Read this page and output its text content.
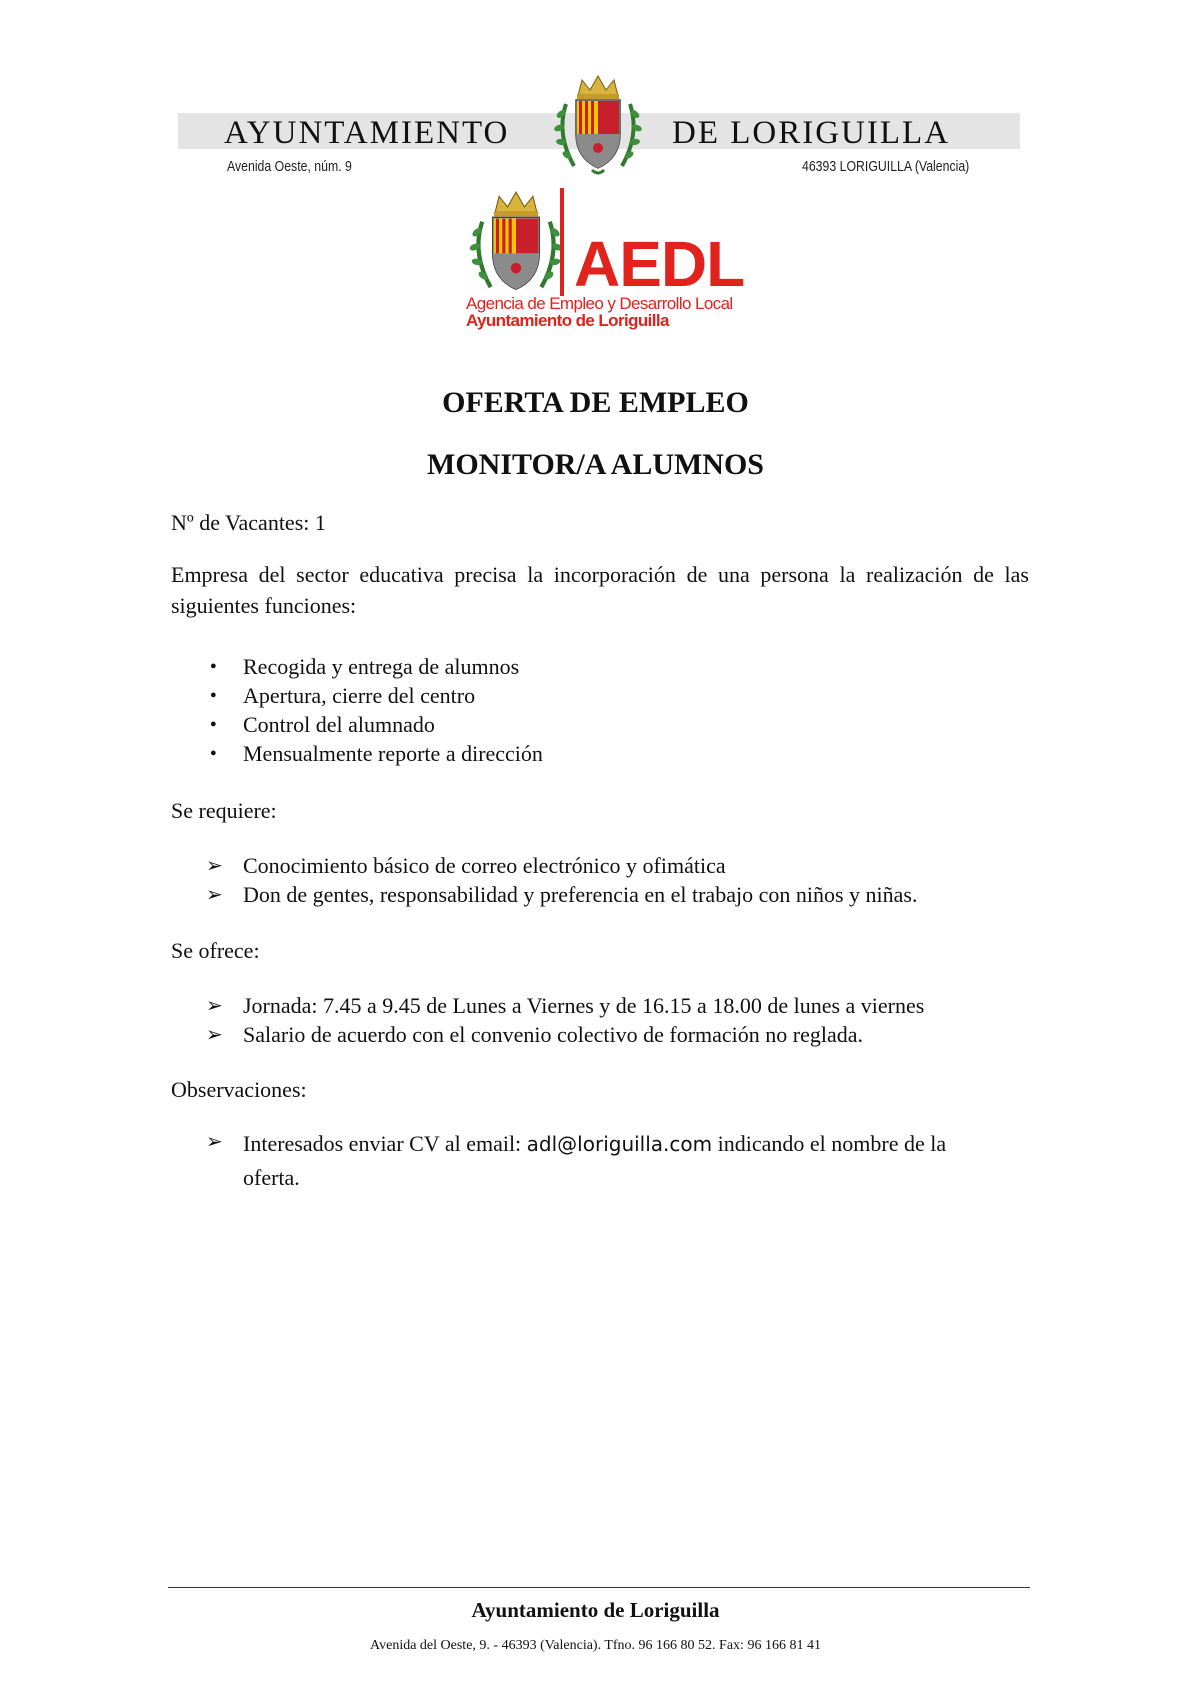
AYUNTAMIENTO	DE LORIGUILLA
Avenida Oeste, núm. 9	46393 LORIGUILLA (Valencia)
AEDL
Agencia de Empleo y Desarrollo Local
Ayuntamiento de Loriguilla
OFERTA DE EMPLEO
MONITOR/A ALUMNOS
Nº de Vacantes: 1
Empresa del sector educativa precisa la incorporación de una persona la realización de las siguientes funciones:
● Recogida y entrega de alumnos
● Apertura, cierre del centro
● Control del alumnado
● Mensualmente reporte a dirección
Se requiere:
➢ Conocimiento básico de correo electrónico y ofimática
➢ Don de gentes, responsabilidad y preferencia en el trabajo con niños y niñas.
Se ofrece:
➢ Jornada: 7.45 a 9.45 de Lunes a Viernes y de 16.15 a 18.00 de lunes a viernes
➢ Salario de acuerdo con el convenio colectivo de formación no reglada.
Observaciones:
➢ Interesados enviar CV al email: adl@loriguilla.com indicando el nombre de la oferta.
Ayuntamiento de Loriguilla
Avenida del Oeste, 9. - 46393 (Valencia). Tfno. 96 166 80 52. Fax: 96 166 81 41
